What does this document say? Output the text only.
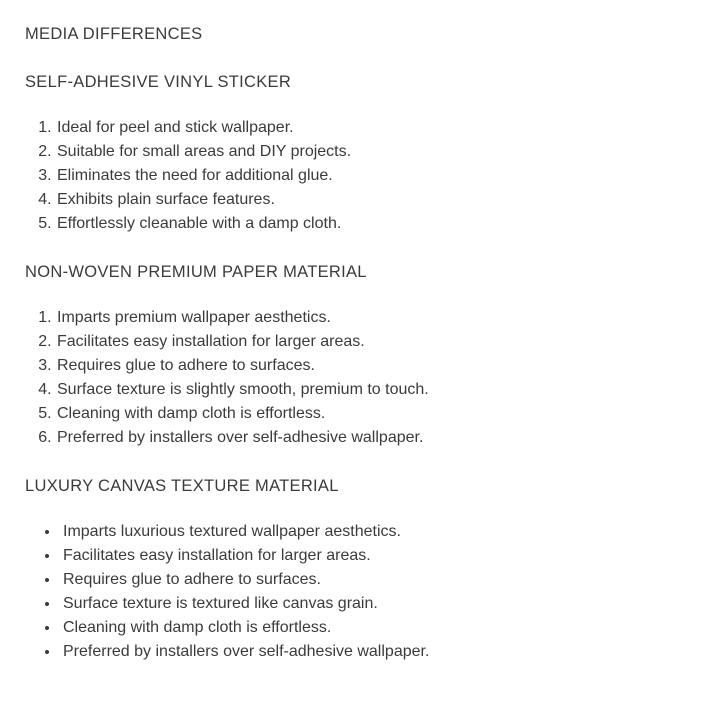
MEDIA DIFFERENCES
SELF-ADHESIVE VINYL STICKER
1. Ideal for peel and stick wallpaper.
2. Suitable for small areas and DIY projects.
3. Eliminates the need for additional glue.
4. Exhibits plain surface features.
5. Effortlessly cleanable with a damp cloth.
NON-WOVEN PREMIUM PAPER MATERIAL
1. Imparts premium wallpaper aesthetics.
2. Facilitates easy installation for larger areas.
3. Requires glue to adhere to surfaces.
4. Surface texture is slightly smooth, premium to touch.
5. Cleaning with damp cloth is effortless.
6. Preferred by installers over self-adhesive wallpaper.
LUXURY CANVAS TEXTURE MATERIAL
• Imparts luxurious textured wallpaper aesthetics.
• Facilitates easy installation for larger areas.
• Requires glue to adhere to surfaces.
• Surface texture is textured like canvas grain.
• Cleaning with damp cloth is effortless.
• Preferred by installers over self-adhesive wallpaper.
